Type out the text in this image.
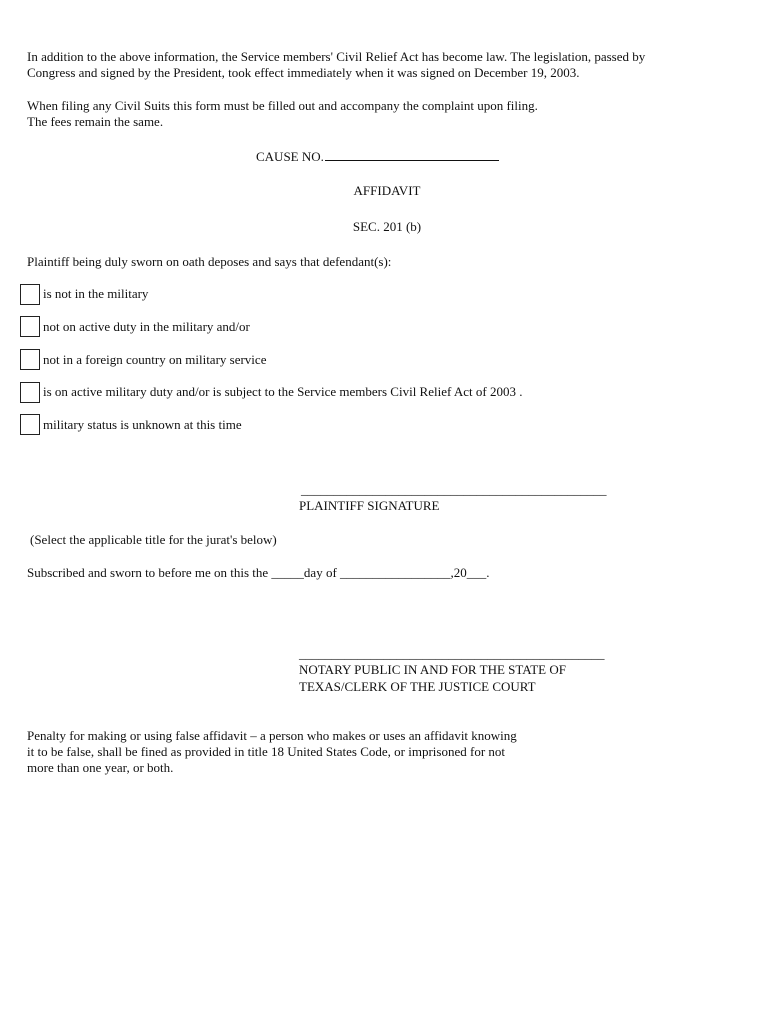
In addition to the above information, the Service members' Civil Relief Act has become law. The legislation, passed by
Congress and signed by the President, took effect immediately when it was signed on December 19, 2003.
When filing any Civil Suits this form must be filled out and accompany the complaint upon filing.
The fees remain the same.
CAUSE NO.
AFFIDAVIT
SEC. 201 (b)
Plaintiff being duly sworn on oath deposes and says that defendant(s):
is not in the military
not on active duty in the military and/or
not in a foreign country on military service
is on active military duty and/or is subject to the Service members Civil Relief Act of 2003 .
military status is unknown at this time
_______________________________________________
PLAINTIFF SIGNATURE
(Select the applicable title for the jurat's below)
Subscribed and sworn to before me on this the _____day of _________________,20___.
_______________________________________________
NOTARY PUBLIC IN AND FOR THE STATE OF
TEXAS/CLERK OF THE JUSTICE COURT
Penalty for making or using false affidavit – a person who makes or uses an affidavit knowing
it to be false, shall be fined as provided in title 18 United States Code, or imprisoned for not
more than one year, or both.
